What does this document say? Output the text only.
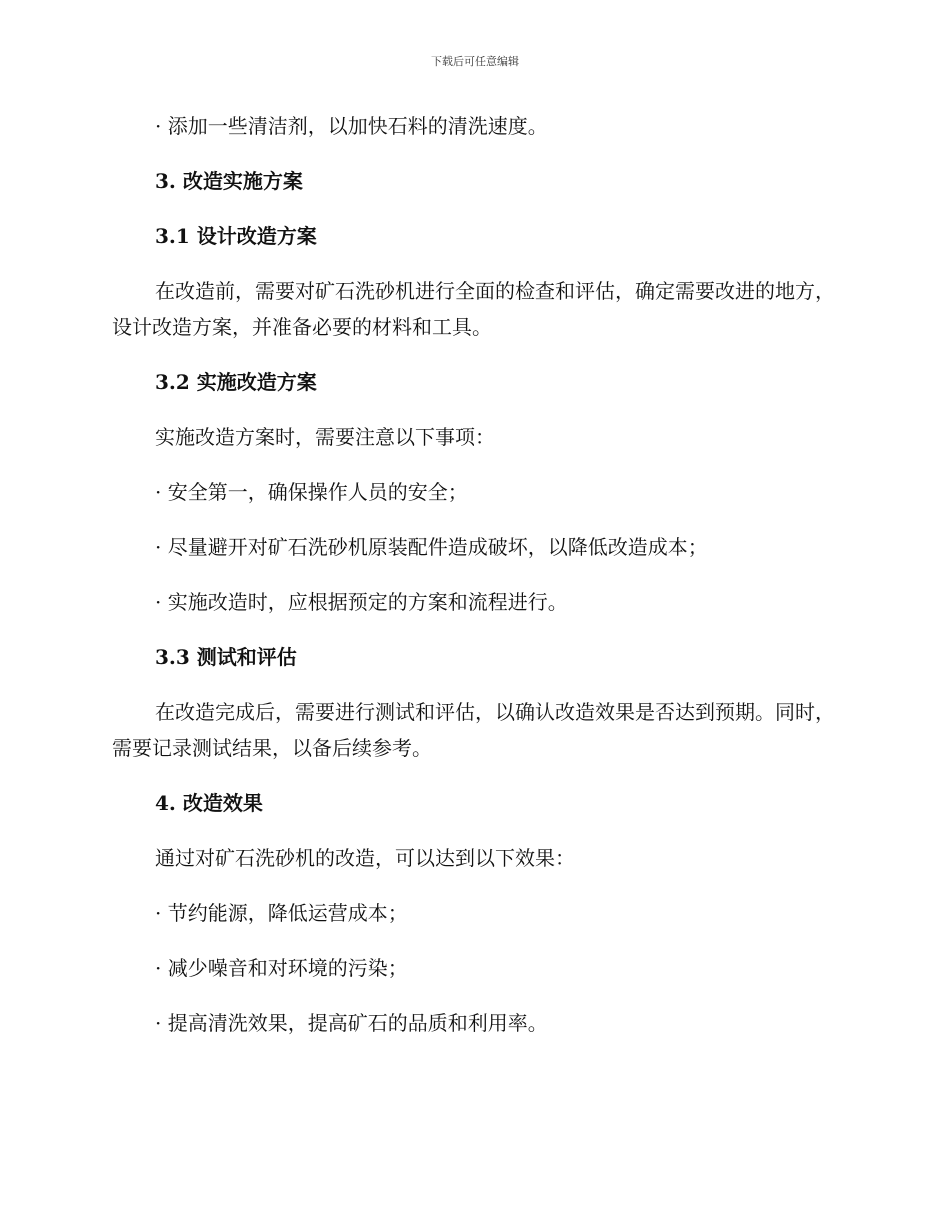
下载后可任意编辑

· 添加一些清洁剂，以加快石料的清洗速度。

3. 改造实施方案

3.1 设计改造方案

在改造前，需要对矿石洗砂机进行全面的检查和评估，确定需要改进的地方，设计改造方案，并准备必要的材料和工具。

3.2 实施改造方案

实施改造方案时，需要注意以下事项：

· 安全第一，确保操作人员的安全；

· 尽量避开对矿石洗砂机原装配件造成破坏，以降低改造成本；

· 实施改造时，应根据预定的方案和流程进行。

3.3 测试和评估

在改造完成后，需要进行测试和评估，以确认改造效果是否达到预期。同时，需要记录测试结果，以备后续参考。

4. 改造效果

通过对矿石洗砂机的改造，可以达到以下效果：

· 节约能源，降低运营成本；

· 减少噪音和对环境的污染；

· 提高清洗效果，提高矿石的品质和利用率。
